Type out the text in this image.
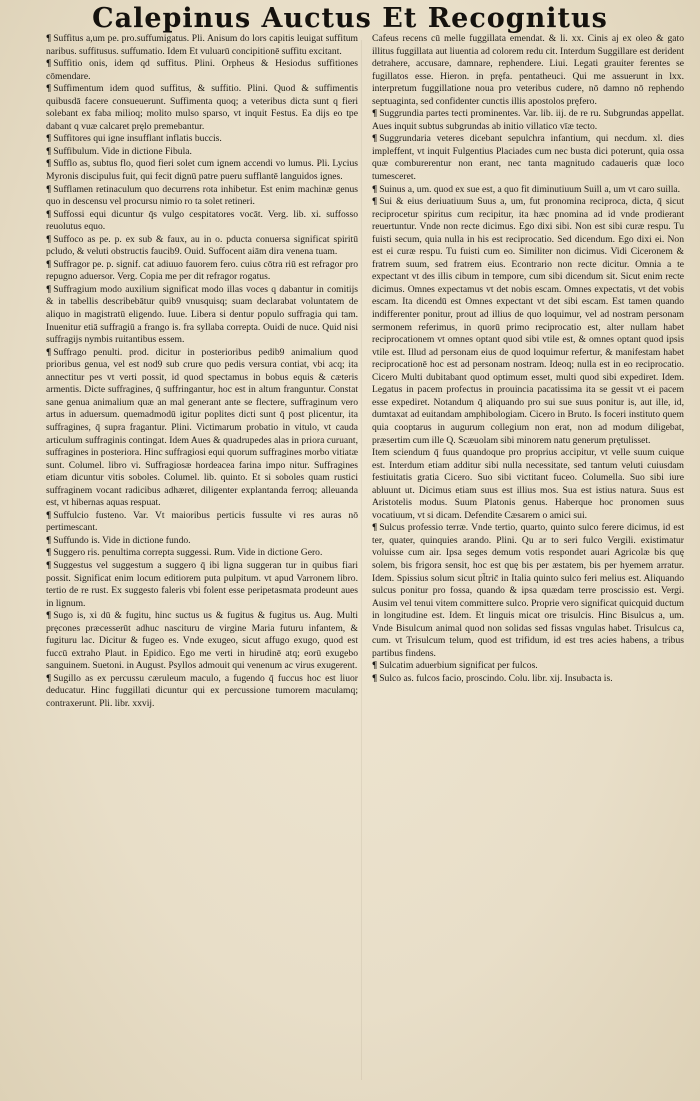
Calepinus Auctus Et Recognitus

¶ Suffitus a,um pe. pro.suffumigatus. Pli. Anisum do lors capitis leuigat suffitum naribus. suffitusus. suffumatio. Idem Et vuluarū concipitionē suffitu excitant.

¶ Suffitio onis, idem qd suffitus. Plini. Orpheus & Hesiodus suffitiones cōmendare.

¶ Suffimentum idem quod suffitus, & suffitio. Plini. Quod & suffimentis quibusdā facere consueuerunt. Suffimenta quoq; a veteribus dicta sunt q fieri solebant ex faba milioq; molito mulso sparso, vt inquit Festus. Ea dijs eo tpe dabant q vuæ calcaret pręlo premebantur.

¶ Suffitores qui igne insufflant inflatis buccis.

¶ Suffibulum. Vide in dictione Fibula.

¶ Sufflo as, subtus flo, quod fieri solet cum ignem accendi vo lumus. Pli. Lycius Myronis discipulus fuit, qui fecit dignū patre pueru sufflantē languidos ignes.

¶ Sufflamen retinaculum quo decurrens rota inhibetur. Est enim machinæ genus quo in descensu vel procursu nimio ro ta solet retineri.

¶ Suffossi equi dicuntur q̄s vulgo cespitatores vocāt. Verg. lib. xi. suffosso reuolutus equo.

¶ Suffoco as pe. p. ex sub & faux, au in o. pducta conuersa significat spiritū pcludo, & veluti obstructis faucib9. Ouid. Suffocent aiām dira venena tuam.

¶ Suffragor pe. p. signif. cat adiuuo fauorem fero. cuius cōtra riū est refragor pro repugno aduersor. Verg. Copia me per dit refragor rogatus.

¶ Suffragium modo auxilium significat modo illas voces q dabantur in comitijs & in tabellis describebātur quib9 vnusquisq; suam declarabat voluntatem de aliquo in magistratū eligendo. Iuue. Libera si dentur populo suffragia qui tam. Inuenitur etiā suffragiū a frango is. fra syllaba correpta. Ouidi de nuce. Quid nisi suffragijs nymbis ruitantibus essem.

¶ Suffrago penulti. prod. dicitur in posterioribus pedib9 animalium quod prioribus genua, vel est nod9 sub crure quo pedis versura contiat, vbi acq; ita annectitur pes vt verti possit, id quod spectamus in bobus equis & cæteris armentis. Dicte suffragines, q̄ suffringantur, hoc est in altum franguntur. Constat sane genua animalium quæ an mal generant ante se flectere, suffraginum vero artus in aduersum. quemadmodū igitur poplites dicti sunt q̄ post plicentur, ita suffragines, q̄ supra fragantur. Plini. Victimarum probatio in vitulo, vt cauda articulum suffraginis contingat. Idem Aues & quadrupedes alas in priora curuant, suffragines in posteriora. Hinc suffragiosi equi quorum suffragines morbo vitiatæ sunt. Columel. libro vi. Suffragiosæ hordeacea farina impo nitur. Suffragines etiam dicuntur vitis soboles. Columel. lib. quinto. Et si soboles quam rustici suffraginem vocant radicibus adhæret, diligenter explantanda ferroq; alleuanda est, vt hibernas aquas respuat.

¶ Suffulcio fusteno. Var. Vt maioribus perticis fussulte vi res auras nō pertimescant.

¶ Suffundo is. Vide in dictione fundo.

¶ Suggero ris. penultima correpta suggessi. Rum. Vide in dictione Gero.

¶ Suggestus vel suggestum a suggero q̄ ibi ligna suggeran tur in quibus fiari possit. Significat enim locum editiorem puta pulpitum. vt apud Varronem libro. tertio de re rust. Ex suggesto faleris vbi folent esse peripetasmata prodeunt aues in lignum.

¶ Sugo is, xi dū & fugitu, hinc suctus us & fugitus & fugitus us. Aug. Multi pręcones præcesserūt adhuc nascituru de virgine Maria futuru infantem, & fugituru lac. Dicitur & fugeo es. Vnde exugeo, sicut affugo exugo, quod est fuccū extraho Plaut. in Epidico. Ego me verti in hirudinē atq; eorū exugebo sanguinem. Suetoni. in August. Psyllos admouit qui venenum ac virus exugerent.

¶ Sugillo as ex percussu cæruleum maculo, a fugendo q̄ fuccus hoc est liuor deducatur. Hinc fuggillati dicuntur qui ex percussione tumorem maculamq; contraxerunt. Pli. libr. xxvij.

Cafeus recens cū melle fuggillata emendat. & li. xx. Cinis aj ex oleo & gato illitus fuggillata aut liuentia ad colorem redu cit. Interdum Suggillare est derident detrahere, accusare, damnare, rephendere. Liui. Legati grauiter ferentes se fugillatos esse. Hieron. in pręfa. pentatheuci. Qui me assuerunt in lxx. interpretum fuggillatione noua pro veteribus cudere, nō damno nō rephendo septuaginta, sed confidenter cunctis illis apostolos pręfero.

¶ Suggrundia partes tecti prominentes. Var. lib. iij. de re ru. Subgrundas appellat. Aues inquit subtus subgrundas ab initio villatico vīæ tecto.

¶ Suggrundaria veteres dicebant sepulchra infantium, qui necdum. xl. dies impleffent, vt inquit Fulgentius Placiades cum nec busta dici poterunt, quia ossa quæ comburerentur non erant, nec tanta magnitudo cadaueris quæ loco tumesceret.

¶ Suinus a, um. quod ex sue est, a quo fit diminutiuum Suill a, um vt caro suilla.

¶ Sui & eius deriuatiuum Suus a, um, fut pronomina reciproca, dicta, q̄ sicut reciprocetur spiritus cum recipitur, ita hæc pnomina ad id vnde prodierant reuertuntur. Vnde non recte dicimus. Ego dixi sibi. Non est sibi curæ respu. Tu fuisti secum, quia nulla in his est reciprocatio. Sed dicendum. Ego dixi ei. Non est ei curæ respu. Tu fuisti cum eo. Similiter non dicimus. Vidi Ciceronem & fratrem suum, sed fratrem eius. Econtrario non recte dicitur. Omnia a te expectant vt des illis cibum in tempore, cum sibi dicendum sit. Sicut enim recte dicimus. Omnes expectamus vt det nobis escam. Omnes expectatis, vt det vobis escam. Ita dicendū est Omnes expectant vt det sibi escam. Est tamen quando indifferenter ponitur, prout ad illius de quo loquimur, vel ad nostram personam sermonem referimus, in quorū primo reciprocatio est, alter nullam habet reciprocationem vt omnes optant quod sibi vtile est, & omnes optant quod ipsis vtile est. Illud ad personam eius de quod loquimur refertur, & manifestam habet reciprocationē hoc est ad personam nostram. Ideoq; nulla est in eo reciprocatio. Cicero Multi dubitabant quod optimum esset, multi quod sibi expediret. Idem. Legatus in pacem profectus in prouincia pacatissima ita se gessit vt ei pacem esse expediret. Notandum q̄ aliquando pro sui sue suus ponitur is, aut ille, id, dumtaxat ad euitandam amphibologiam. Cicero in Bruto. Is foceri instituto quem quia cooptarus in augurum collegium non erat, non ad modum diligebat, præsertim cum ille Q. Scæuolam sibi minorem natu generum prętulisset.

Item sciendum q̄ fuus quandoque pro proprius accipitur, vt velle suum cuique est. Interdum etiam additur sibi nulla necessitate, sed tantum veluti cuiusdam festiuitatis gratia Cicero. Suo sibi victitant fuceo. Columella. Suo sibi iure abluunt ut. Dicimus etiam suus est illius mos. Sua est istius natura. Suus est Aristotelis modus. Suum Platonis genus. Haberque hoc pronomen suus vocatiuum, vt si dicam. Defendite Cæsarem o amici sui.

¶ Sulcus professio terræ. Vnde tertio, quarto, quinto sulco ferere dicimus, id est ter, quater, quinquies arando. Plini. Qu ar to seri fulco Vergili. existimatur voluisse cum air. Ipsa seges demum votis respondet auari Agricolæ bis quę solem, bis frigora sensit, hoc est quę bis per æstatem, bis per hyemem arratur. Idem. Spissius solum sicut pl̄tric̄ in Italia quinto sulco feri melius est. Aliquando sulcus ponitur pro fossa, quando & ipsa quædam terre proscissio est. Vergi. Ausim vel tenui vitem committere sulco. Proprie vero significat quicquid ductum in longitudine est. Idem. Et linguis micat ore trisulcis. Hinc Bisulcus a, um. Vnde Bisulcum animal quod non solidas sed fissas vngulas habet. Trisulcus ca, cum. vt Trisulcum telum, quod est trifidum, id est tres acies habens, a tribus partibus findens.

¶ Sulcatim aduerbium significat per fulcos.

¶ Sulco as. fulcos facio, proscindo. Colu. libr. xij. Insubacta is.
